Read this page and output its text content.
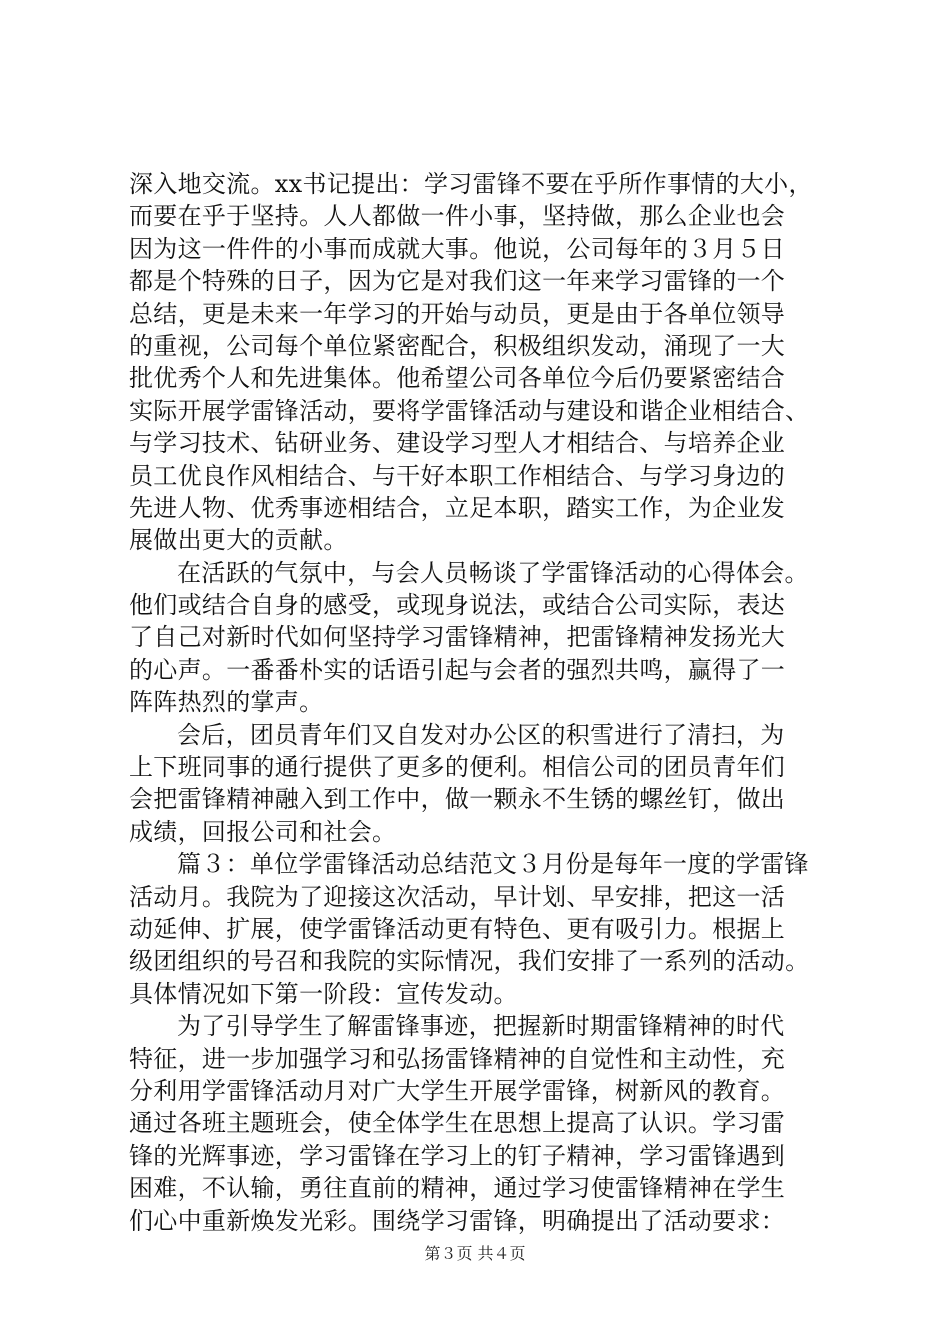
深入地交流。xx书记提出：学习雷锋不要在乎所作事情的大小，
而要在乎于坚持。人人都做一件小事，坚持做，那么企业也会
因为这一件件的小事而成就大事。他说，公司每年的３月５日
都是个特殊的日子，因为它是对我们这一年来学习雷锋的一个
总结，更是未来一年学习的开始与动员，更是由于各单位领导
的重视，公司每个单位紧密配合，积极组织发动，涌现了一大
批优秀个人和先进集体。他希望公司各单位今后仍要紧密结合
实际开展学雷锋活动，要将学雷锋活动与建设和谐企业相结合、
与学习技术、钻研业务、建设学习型人才相结合、与培养企业
员工优良作风相结合、与干好本职工作相结合、与学习身边的
先进人物、优秀事迹相结合，立足本职，踏实工作，为企业发
展做出更大的贡献。
在活跃的气氛中，与会人员畅谈了学雷锋活动的心得体会。
他们或结合自身的感受，或现身说法，或结合公司实际，表达
了自己对新时代如何坚持学习雷锋精神，把雷锋精神发扬光大
的心声。一番番朴实的话语引起与会者的强烈共鸣，赢得了一
阵阵热烈的掌声。
会后，团员青年们又自发对办公区的积雪进行了清扫，为
上下班同事的通行提供了更多的便利。相信公司的团员青年们
会把雷锋精神融入到工作中，做一颗永不生锈的螺丝钉，做出
成绩，回报公司和社会。
篇３：单位学雷锋活动总结范文３月份是每年一度的学雷锋
活动月。我院为了迎接这次活动，早计划、早安排，把这一活
动延伸、扩展，使学雷锋活动更有特色、更有吸引力。根据上
级团组织的号召和我院的实际情况，我们安排了一系列的活动。
具体情况如下第一阶段：宣传发动。
为了引导学生了解雷锋事迹，把握新时期雷锋精神的时代
特征，进一步加强学习和弘扬雷锋精神的自觉性和主动性，充
分利用学雷锋活动月对广大学生开展学雷锋，树新风的教育。
通过各班主题班会，使全体学生在思想上提高了认识。学习雷
锋的光辉事迹，学习雷锋在学习上的钉子精神，学习雷锋遇到
困难，不认输，勇往直前的精神，通过学习使雷锋精神在学生
们心中重新焕发光彩。围绕学习雷锋，明确提出了活动要求：
第３页 共４页
